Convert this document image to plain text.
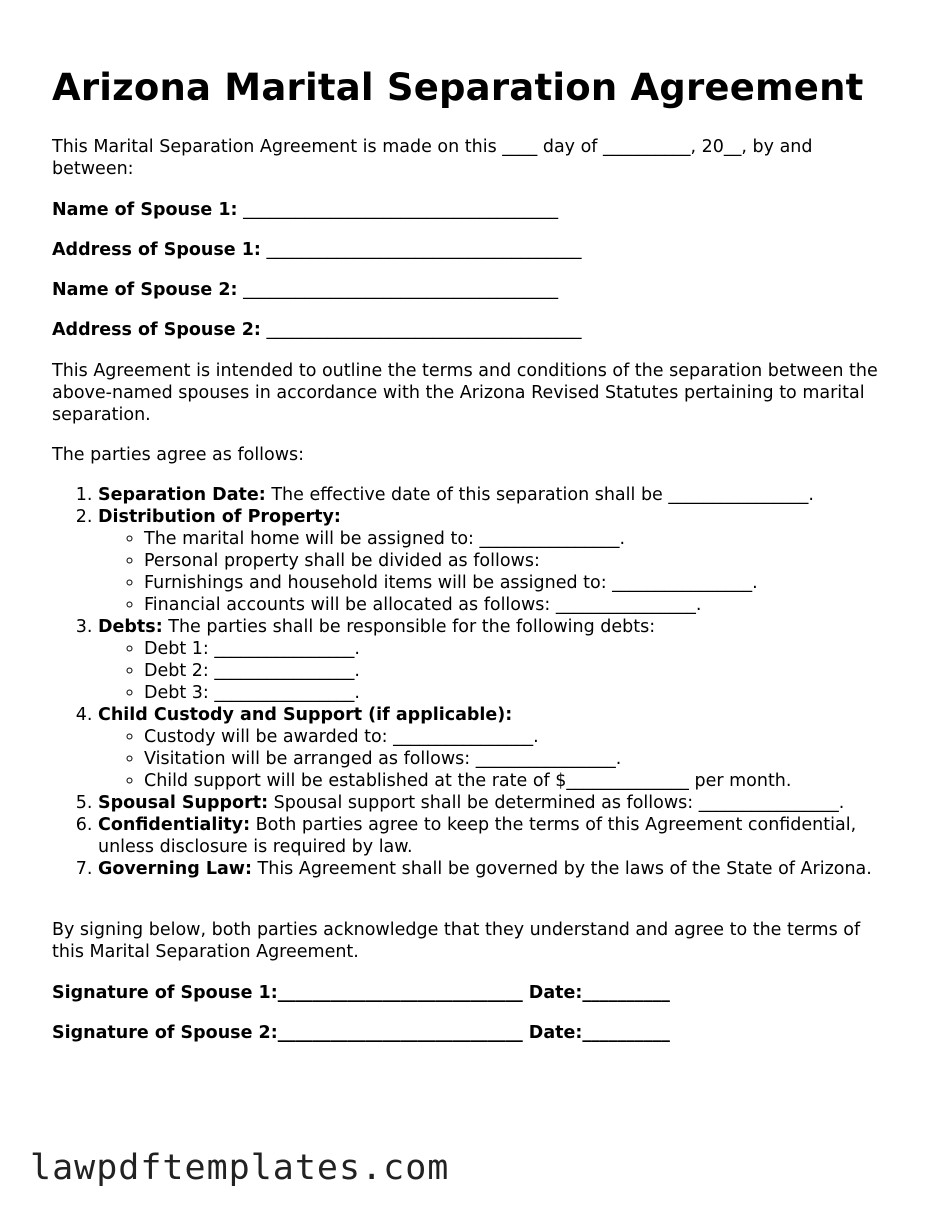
Arizona Marital Separation Agreement
This Marital Separation Agreement is made on this ____ day of __________, 20__, by and between:
Name of Spouse 1: ____________________________________
Address of Spouse 1: ____________________________________
Name of Spouse 2: ____________________________________
Address of Spouse 2: ____________________________________
This Agreement is intended to outline the terms and conditions of the separation between the above-named spouses in accordance with the Arizona Revised Statutes pertaining to marital separation.
The parties agree as follows:
1. Separation Date: The effective date of this separation shall be ________________.
2. Distribution of Property:
◦ The marital home will be assigned to: ________________.
◦ Personal property shall be divided as follows:
◦ Furnishings and household items will be assigned to: ________________.
◦ Financial accounts will be allocated as follows: ________________.
3. Debts: The parties shall be responsible for the following debts:
◦ Debt 1: ________________.
◦ Debt 2: ________________.
◦ Debt 3: ________________.
4. Child Custody and Support (if applicable):
◦ Custody will be awarded to: ________________.
◦ Visitation will be arranged as follows: ________________.
◦ Child support will be established at the rate of $______________ per month.
5. Spousal Support: Spousal support shall be determined as follows: ________________.
6. Confidentiality: Both parties agree to keep the terms of this Agreement confidential, unless disclosure is required by law.
7. Governing Law: This Agreement shall be governed by the laws of the State of Arizona.
By signing below, both parties acknowledge that they understand and agree to the terms of this Marital Separation Agreement.
Signature of Spouse 1:____________________________ Date:__________
Signature of Spouse 2:____________________________ Date:__________
lawpdftemplates.com
